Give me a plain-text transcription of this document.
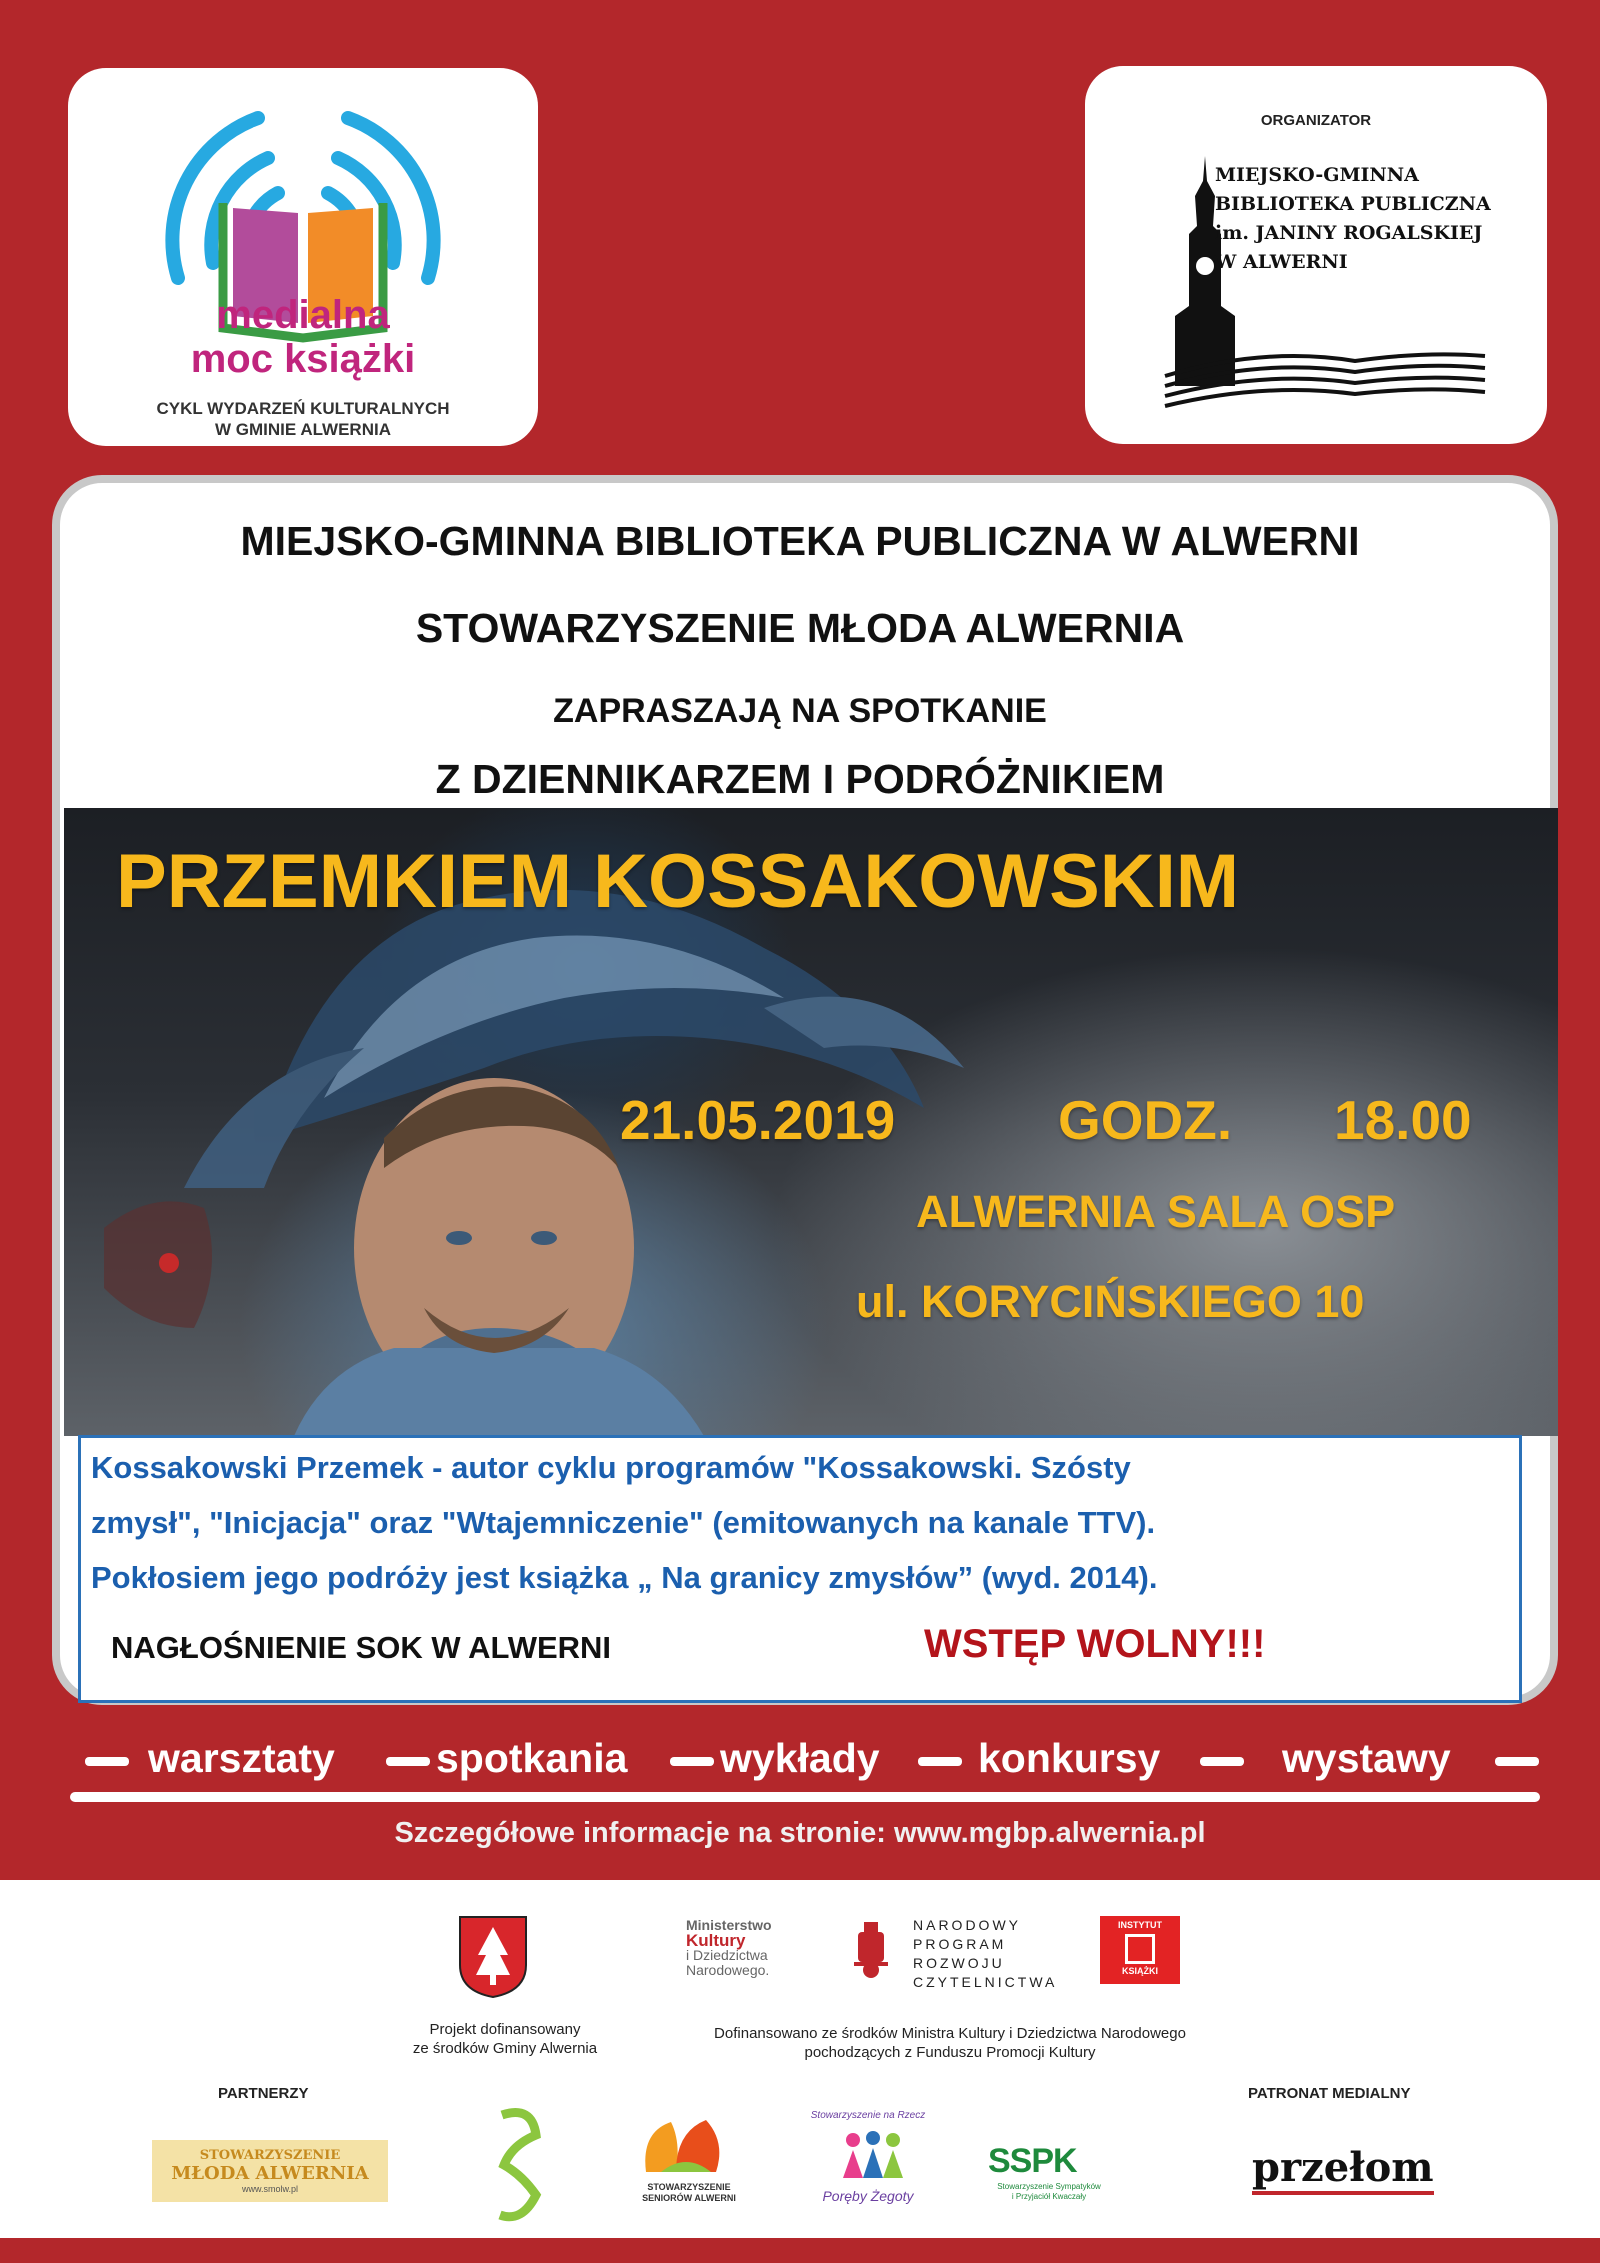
medialna
moc książki
CYKL WYDARZEŃ KULTURALNYCH
W GMINIE ALWERNIA
ORGANIZATOR
MIEJSKO-GMINNA
BIBLIOTEKA PUBLICZNA
im. JANINY ROGALSKIEJ
W ALWERNI
MIEJSKO-GMINNA BIBLIOTEKA PUBLICZNA W ALWERNI
STOWARZYSZENIE MŁODA ALWERNIA
ZAPRASZAJĄ NA SPOTKANIE
Z DZIENNIKARZEM I PODRÓŻNIKIEM
PRZEMKIEM KOSSAKOWSKIM
21.05.2019	GODZ. 18.00
ALWERNIA SALA OSP
ul. KORYCIŃSKIEGO 10
Kossakowski Przemek - autor cyklu programów "Kossakowski. Szósty
zmysł", "Inicjacja" oraz "Wtajemniczenie" (emitowanych na kanale TTV).
Pokłosiem jego podróży jest książka „ Na granicy zmysłów” (wyd. 2014).
NAGŁOŚNIENIE SOK W ALWERNI	WSTĘP WOLNY!!!
warsztaty spotkania wykłady konkursy	wystawy
Szczegółowe informacje na stronie: www.mgbp.alwernia.pl
Projekt dofinansowany
ze środków Gminy Alwernia
Ministerstwo
Kultury
i Dziedzictwa
Narodowego.
NARODOWY
PROGRAM
ROZWOJU
CZYTELNICTWA
INSTYTUT
KSIĄŻKI
Dofinansowano ze środków Ministra Kultury i Dziedzictwa Narodowego
pochodzących z Funduszu Promocji Kultury
PARTNERZY	PATRONAT MEDIALNY
STOWARZYSZENIE
MŁODA ALWERNIA
www.smolw.pl	STOWARZYSZENIE
SENIORÓW ALWERNI
Stowarzyszenie na Rzecz
Poręby Żegoty
SSPK
Stowarzyszenie Sympatyków
i Przyjaciół Kwaczały
przełom
